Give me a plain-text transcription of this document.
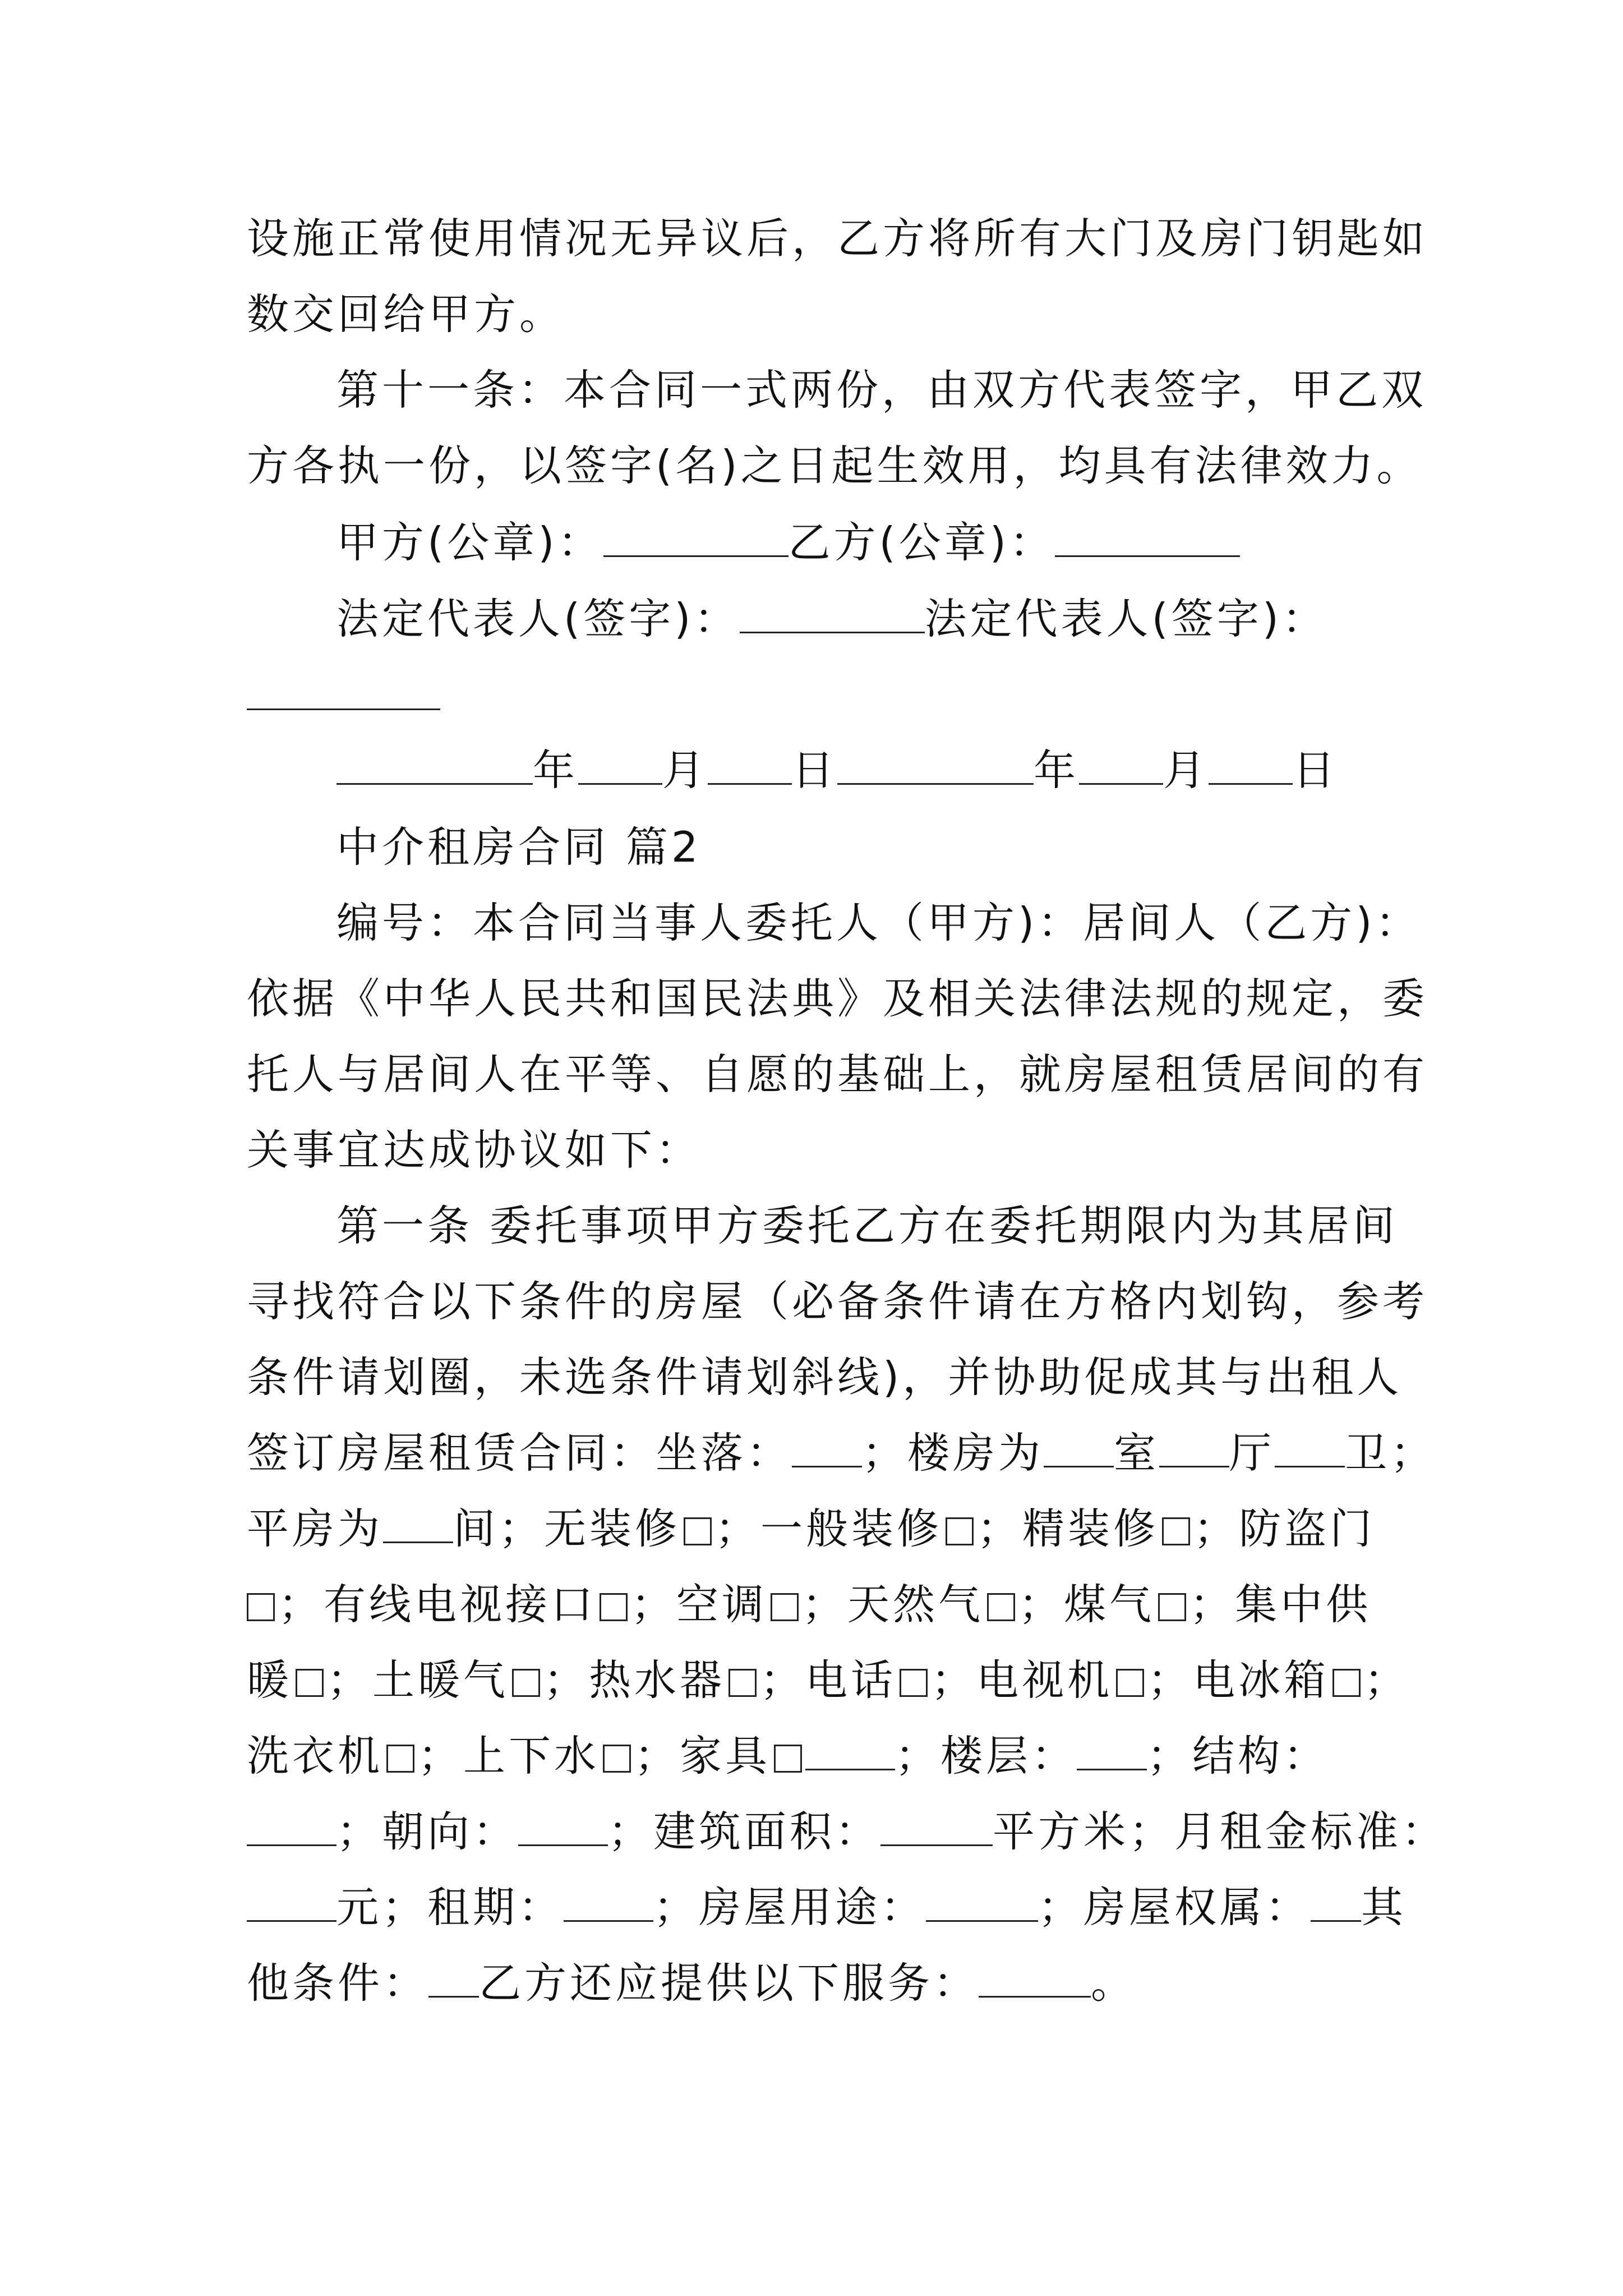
设施正常使用情况无异议后，乙方将所有大门及房门钥匙如
数交回给甲方。
第十一条：本合同一式两份，由双方代表签字，甲乙双
方各执一份，以签字(名)之日起生效用，均具有法律效力。
甲方(公章)：	乙方(公章)：
法定代表人(签字)：	法定代表人(签字)：
年 月 日	年 月 日
中介租房合同 篇2
编号：本合同当事人委托人（甲方)：居间人（乙方)：
依据《中华人民共和国民法典》及相关法律法规的规定，委
托人与居间人在平等、自愿的基础上，就房屋租赁居间的有
关事宜达成协议如下：
第一条 委托事项甲方委托乙方在委托期限内为其居间
寻找符合以下条件的房屋（必备条件请在方格内划钩，参考
条件请划圈，未选条件请划斜线)，并协助促成其与出租人
签订房屋租赁合同：坐落： ；楼房为 室 厅 卫；
平房为 间；无装修 ；一般装修 ；精装修 ；防盗门
；有线电视接口 ；空调 ；天然气 ；煤气 ；集中供
暖 ；土暖气 ；热水器 ；电话 ；电视机 ；电冰箱 ；
洗衣机 ；上下水 ；家具	；楼层： ；结构：
；朝向： ；建筑面积：	平方米；月租金标准：
元；租期： ；房屋用途：	；房屋权属： 其
他条件： 乙方还应提供以下服务：	。
